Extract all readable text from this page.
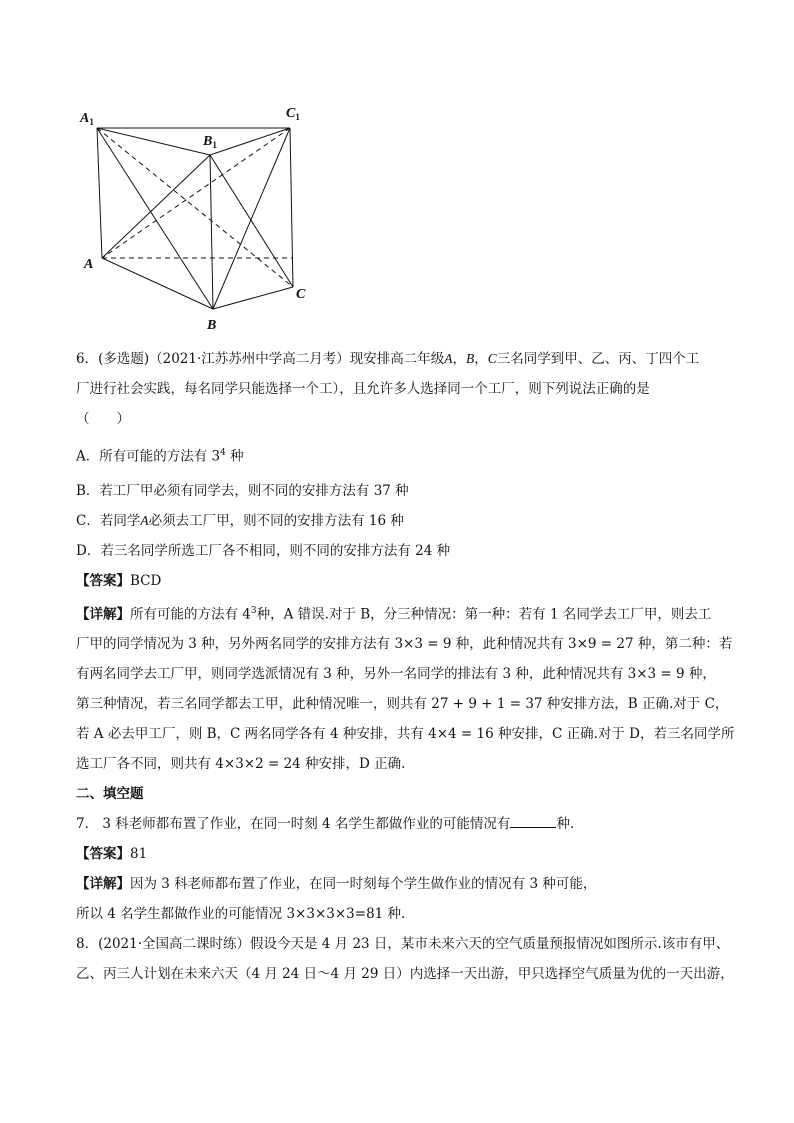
$A_1$
$B_1$
$C_1$
A
B
C

6．(多选题)（2021·江苏苏州中学高二月考）现安排高二年级A，B，C三名同学到甲、乙、丙、丁四个工

厂进行社会实践，每名同学只能选择一个工），且允许多人选择同一个工厂，则下列说法正确的是

（　　）

A．所有可能的方法有 $3^4$ 种

B．若工厂甲必须有同学去，则不同的安排方法有 37 种

C．若同学A必须去工厂甲，则不同的安排方法有 16 种

D．若三名同学所选工厂各不相同，则不同的安排方法有 24 种

【答案】BCD

【详解】所有可能的方法有 $4^3$种，A 错误.对于 B，分三种情况：第一种：若有 1 名同学去工厂甲，则去工

厂甲的同学情况为 3 种，另外两名同学的安排方法有 3×3 = 9 种，此种情况共有 3×9 = 27 种，第二种：若

有两名同学去工厂甲，则同学选派情况有 3 种，另外一名同学的排法有 3 种，此种情况共有 3×3 = 9 种，

第三种情况，若三名同学都去工甲，此种情况唯一，则共有 27 + 9 + 1 = 37 种安排方法，B 正确.对于 C，

若 A 必去甲工厂，则 B，C 两名同学各有 4 种安排，共有 4×4 = 16 种安排，C 正确.对于 D，若三名同学所

选工厂各不同，则共有 4×3×2 = 24 种安排，D 正确.

二、填空题

7． 3 科老师都布置了作业，在同一时刻 4 名学生都做作业的可能情况有	种.

【答案】81

【详解】因为 3 科老师都布置了作业，在同一时刻每个学生做作业的情况有 3 种可能，

所以 4 名学生都做作业的可能情况 3×3×3×3=81 种.

8．(2021·全国高二课时练）假设今天是 4 月 23 日，某市未来六天的空气质量预报情况如图所示.该市有甲、

乙、丙三人计划在未来六天（4 月 24 日～4 月 29 日）内选择一天出游，甲只选择空气质量为优的一天出游，
